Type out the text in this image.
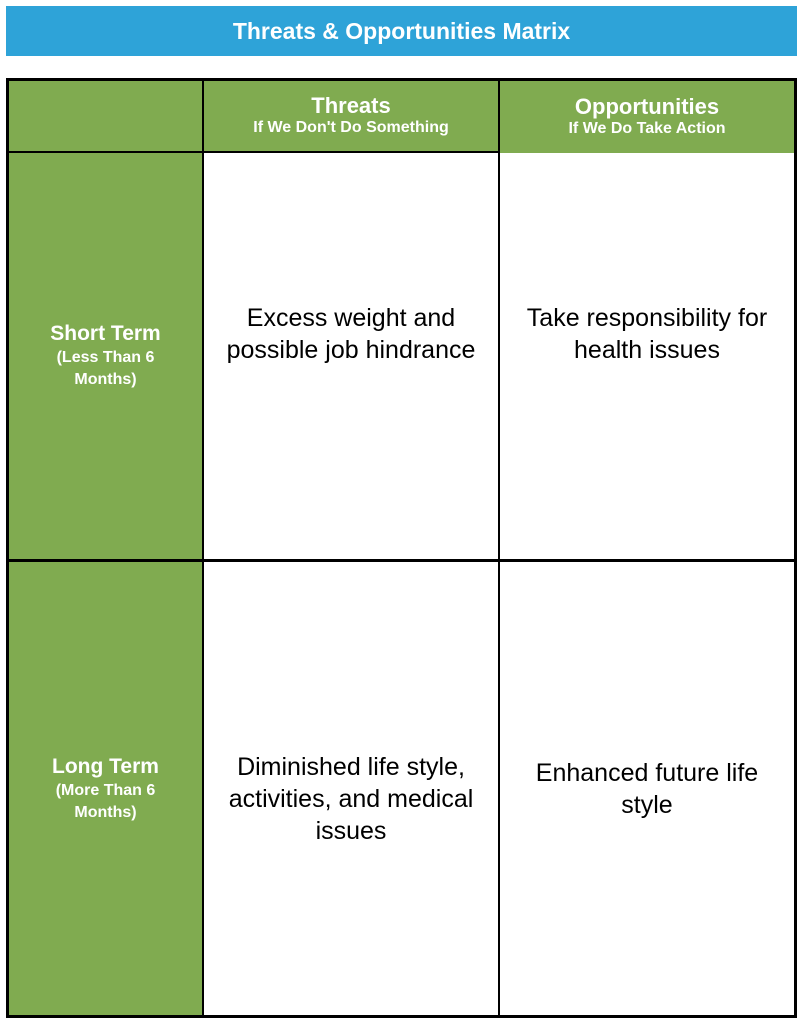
Threats & Opportunities Matrix
Threats
If We Don't Do Something
Opportunities
If We Do Take Action
Short Term
(Less Than 6 Months)
Excess weight and possible job hindrance
Take responsibility for health issues
Long Term
(More Than 6 Months)
Diminished life style, activities, and medical issues
Enhanced future life style
